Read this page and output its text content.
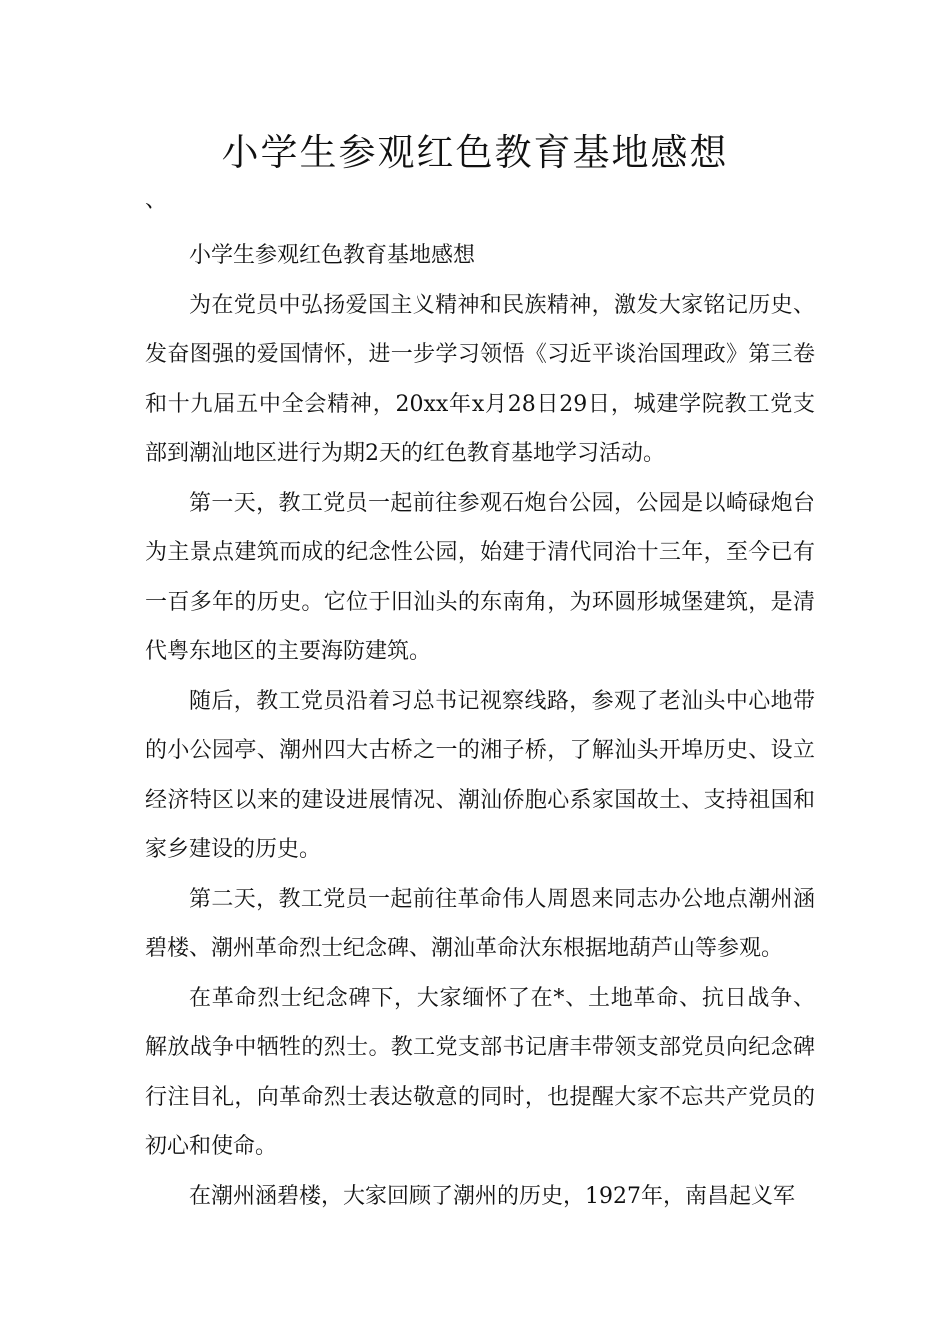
小学生参观红色教育基地感想
、

小学生参观红色教育基地感想

为在党员中弘扬爱国主义精神和民族精神，激发大家铭记历史、发奋图强的爱国情怀，进一步学习领悟《习近平谈治国理政》第三卷和十九届五中全会精神，20xx年x月28日29日，城建学院教工党支部到潮汕地区进行为期2天的红色教育基地学习活动。

第一天，教工党员一起前往参观石炮台公园，公园是以崎碌炮台为主景点建筑而成的纪念性公园，始建于清代同治十三年，至今已有一百多年的历史。它位于旧汕头的东南角，为环圆形城堡建筑，是清代粤东地区的主要海防建筑。

随后，教工党员沿着习总书记视察线路，参观了老汕头中心地带的小公园亭、潮州四大古桥之一的湘子桥，了解汕头开埠历史、设立经济特区以来的建设进展情况、潮汕侨胞心系家国故土、支持祖国和家乡建设的历史。

第二天，教工党员一起前往革命伟人周恩来同志办公地点潮州涵碧楼、潮州革命烈士纪念碑、潮汕革命汏东根据地葫芦山等参观。

在革命烈士纪念碑下，大家缅怀了在*、土地革命、抗日战争、解放战争中牺牲的烈士。教工党支部书记唐丰带领支部党员向纪念碑行注目礼，向革命烈士表达敬意的同时，也提醒大家不忘共产党员的初心和使命。

在潮州涵碧楼，大家回顾了潮州的历史，1927年，南昌起义军
